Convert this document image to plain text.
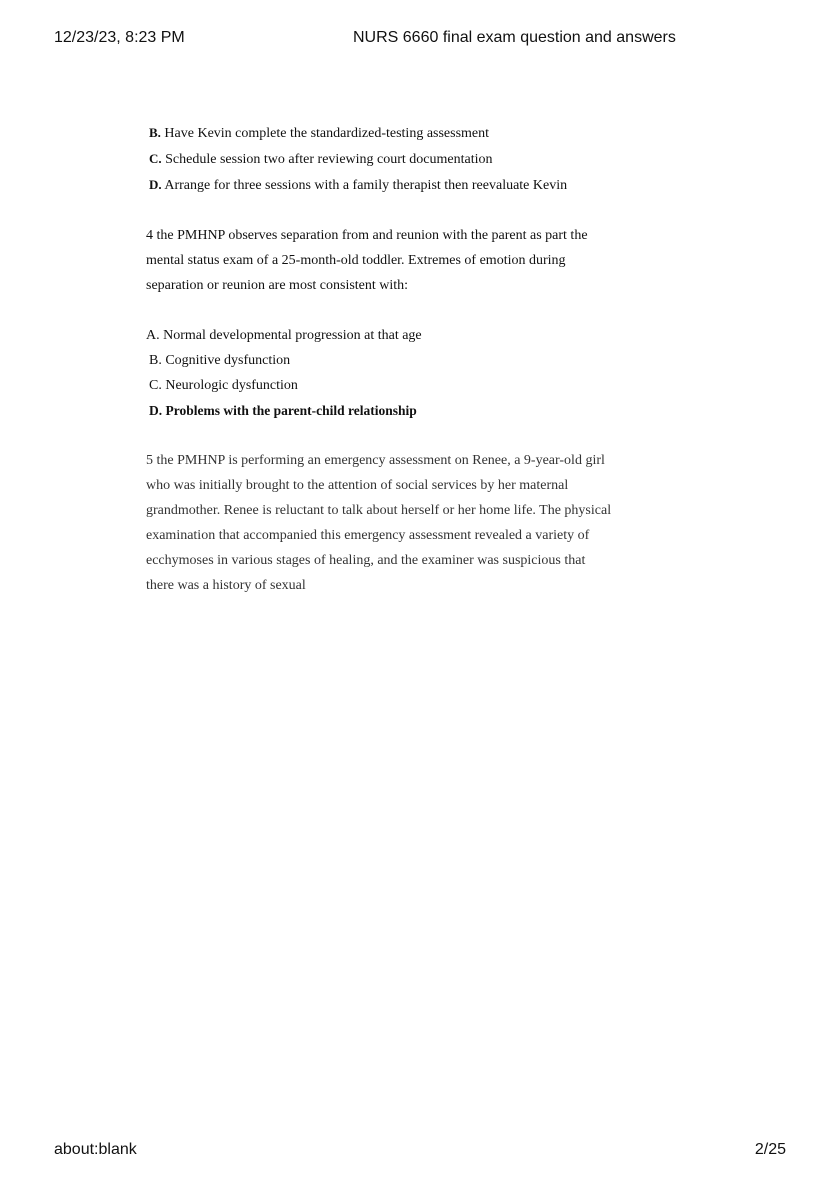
12/23/23, 8:23 PM	NURS 6660 final exam question and answers
B. Have Kevin complete the standardized-testing assessment
C. Schedule session two after reviewing court documentation
D. Arrange for three sessions with a family therapist then reevaluate Kevin
4 the PMHNP observes separation from and reunion with the parent as part the
mental status exam of a 25-month-old toddler. Extremes of emotion during
separation or reunion are most consistent with:
A. Normal developmental progression at that age
B. Cognitive dysfunction
C. Neurologic dysfunction
D. Problems with the parent-child relationship
5 the PMHNP is performing an emergency assessment on Renee, a 9-year-old girl
who was initially brought to the attention of social services by her maternal
grandmother. Renee is reluctant to talk about herself or her home life. The physical
examination that accompanied this emergency assessment revealed a variety of
ecchymoses in various stages of healing, and the examiner was suspicious that
there was a history of sexual
about:blank	2/25
